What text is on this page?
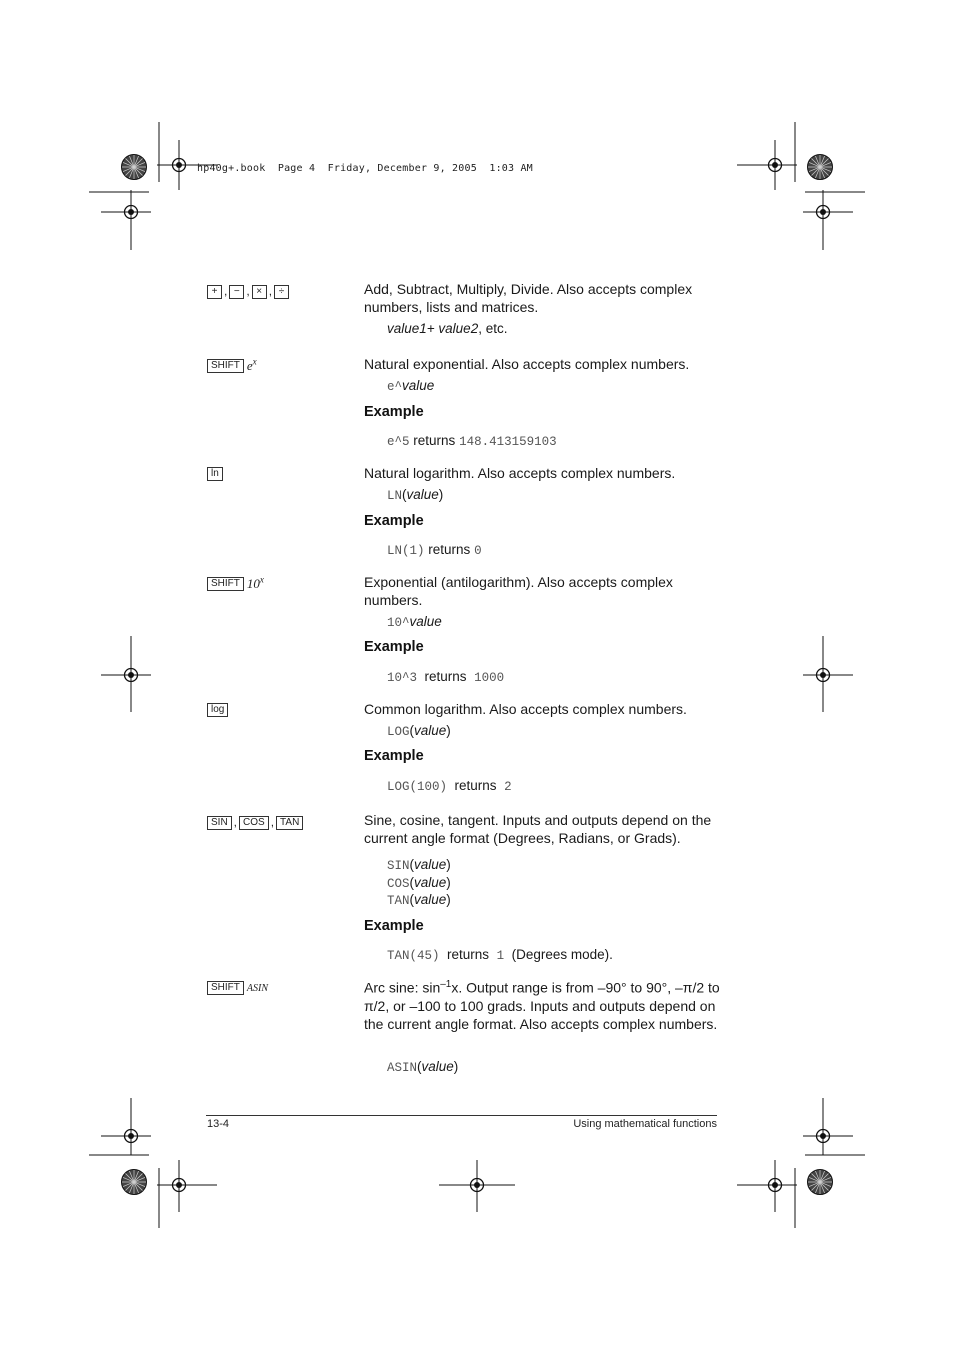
hp40g+.book  Page 4  Friday, December 9, 2005  1:03 AM
+ , − , × , ÷	Add, Subtract, Multiply, Divide. Also accepts complex numbers, lists and matrices.
value1+ value2, etc.
SHIFT $e^x$	Natural exponential. Also accepts complex numbers.
e^value
Example
e^5 returns 148.413159103
ln	Natural logarithm. Also accepts complex numbers.
LN(value)
Example
LN(1) returns 0
SHIFT 10$^x$	Exponential (antilogarithm). Also accepts complex numbers.
10^value
Example
10^3 returns 1000
log	Common logarithm. Also accepts complex numbers.
LOG(value)
Example
LOG(100) returns 2
SIN , COS , TAN	Sine, cosine, tangent. Inputs and outputs depend on the current angle format (Degrees, Radians, or Grads).
SIN(value)
COS(value)
TAN(value)
Example
TAN(45) returns 1 (Degrees mode).
SHIFT ASIN	Arc sine: $\sin^{-1}x$. Output range is from –90° to 90°, –π/2 to π/2, or –100 to 100 grads. Inputs and outputs depend on the current angle format. Also accepts complex numbers.
ASIN(value)
13-4	Using mathematical functions
